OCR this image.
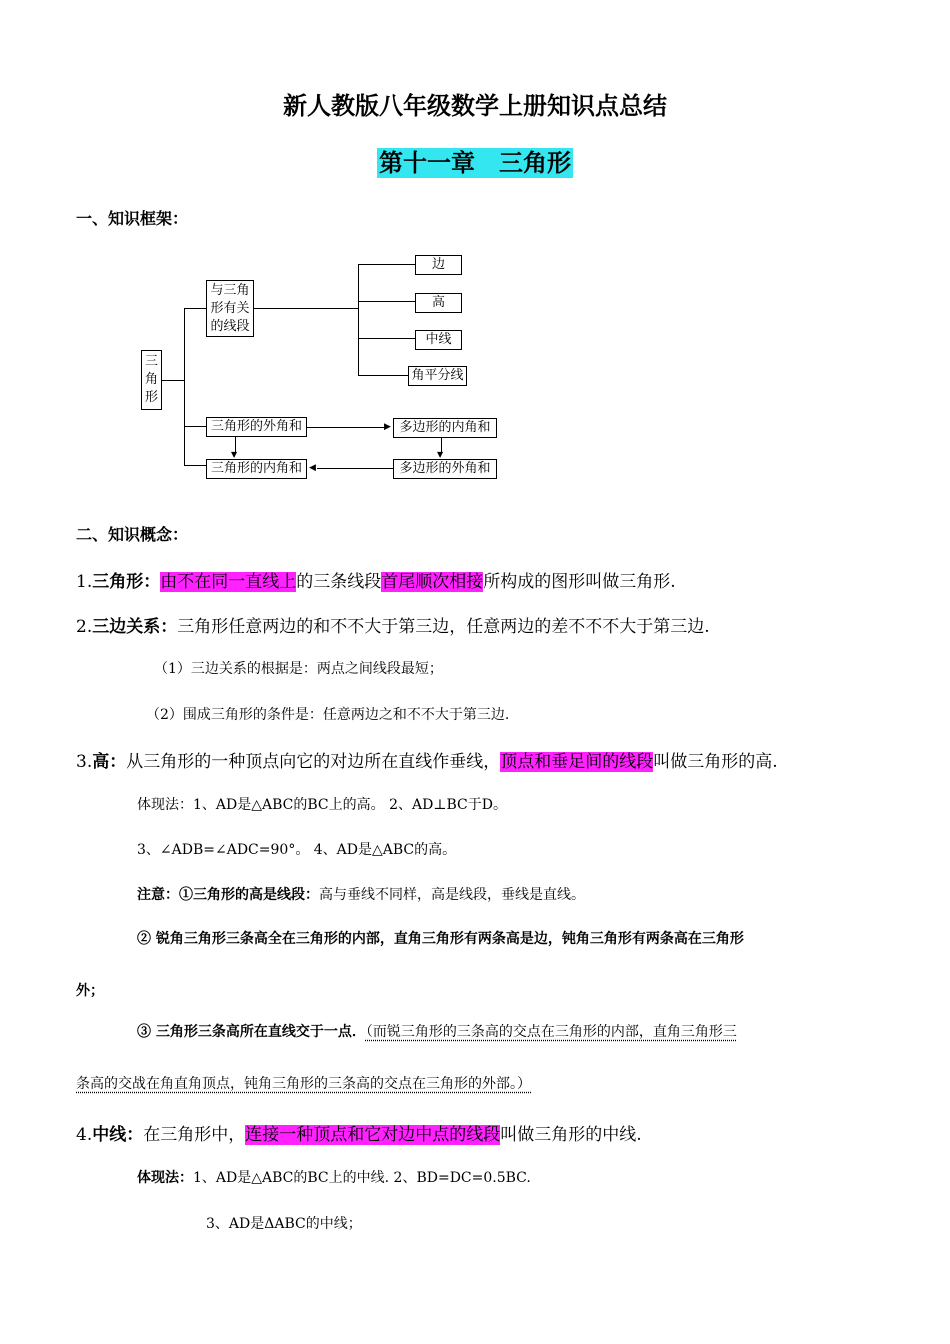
新人教版八年级数学上册知识点总结
第十一章　三角形
一、知识框架：
三
角
形
与三角
形有关
的线段
边
高
中线
角平分线
三角形的外角和
三角形的内角和
多边形的内角和
多边形的外角和
▶
▼	▼
◀
二、知识概念：
1.三角形：由不在同一直线上的三条线段首尾顺次相接所构成的图形叫做三角形.
2.三边关系：三角形任意两边的和不不大于第三边，任意两边的差不不不大于第三边.
（1）三边关系的根据是：两点之间线段最短；
（2）围成三角形的条件是：任意两边之和不不大于第三边.
3.高：从三角形的一种顶点向它的对边所在直线作垂线，顶点和垂足间的线段叫做三角形的高.
体现法：1、AD是△ABC的BC上的高。 2、AD⊥BC于D。
3、∠ADB=∠ADC=90°。 4、AD是△ABC的高。
注意：①三角形的高是线段：高与垂线不同样，高是线段，垂线是直线。
② 锐角三角形三条高全在三角形的内部，直角三角形有两条高是边，钝角三角形有两条高在三角形
外；
③ 三角形三条高所在直线交于一点．（而锐三角形的三条高的交点在三角形的内部，直角三角形三
条高的交战在角直角顶点，钝角三角形的三条高的交点在三角形的外部。）
4.中线：在三角形中，连接一种顶点和它对边中点的线段叫做三角形的中线.
体现法：1、AD是△ABC的BC上的中线. 2、BD=DC=0.5BC.
3、AD是ΔABC的中线；
